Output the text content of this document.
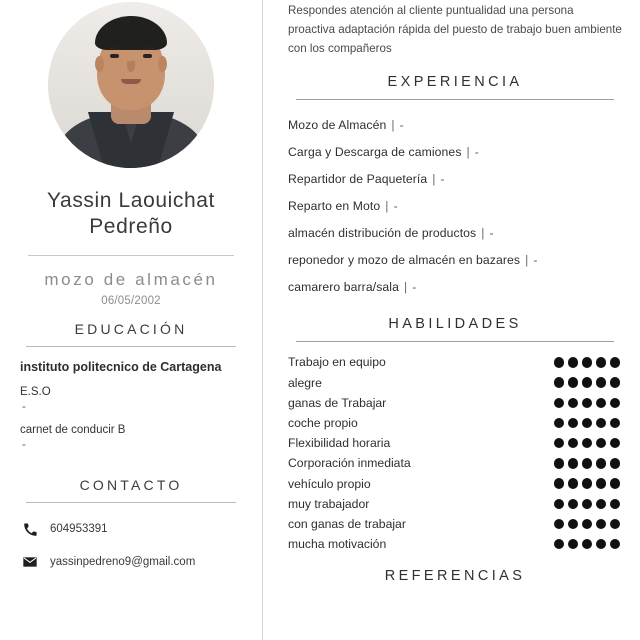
Yassin Laouichat Pedreño
mozo de almacén
06/05/2002
EDUCACIÓN
instituto politecnico de Cartagena
E.S.O
-
carnet de conducir B
-
CONTACTO
604953391
yassinpedreno9@gmail.com
Respondes atención al cliente puntualidad una persona proactiva adaptación rápida del puesto de trabajo buen ambiente con los compañeros
EXPERIENCIA
Mozo de Almacén | -
Carga y Descarga de camiones | -
Repartidor de Paquetería | -
Reparto en Moto | -
almacén distribución de productos | -
reponedor y mozo de almacén en bazares | -
camarero barra/sala | -
HABILIDADES
Trabajo en equipo
alegre
ganas de Trabajar
coche propio
Flexibilidad horaria
Corporación inmediata
vehículo propio
muy trabajador
con ganas de trabajar
mucha motivación
REFERENCIAS
